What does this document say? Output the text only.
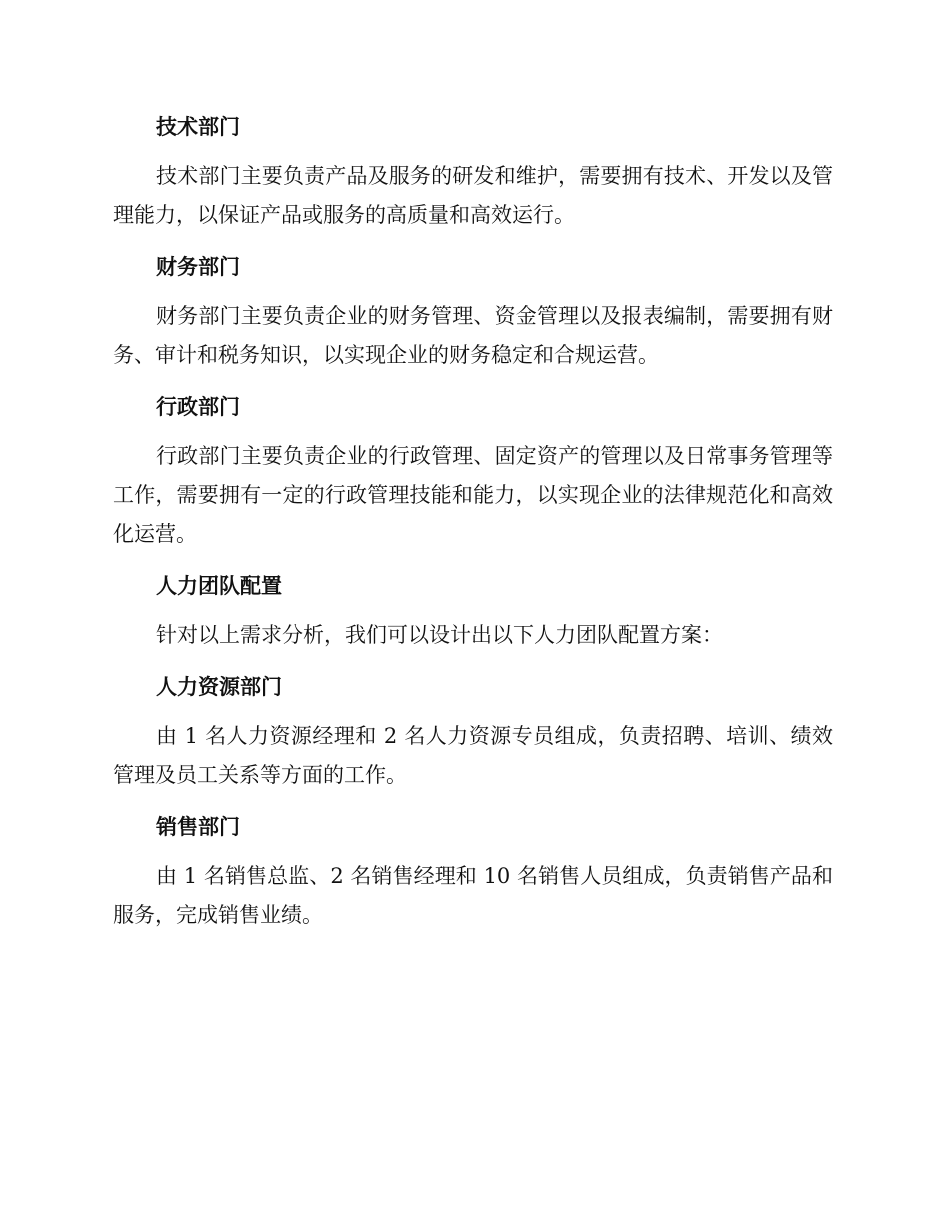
技术部门

技术部门主要负责产品及服务的研发和维护，需要拥有技术、开发以及管理能力，以保证产品或服务的高质量和高效运行。

财务部门

财务部门主要负责企业的财务管理、资金管理以及报表编制，需要拥有财务、审计和税务知识，以实现企业的财务稳定和合规运营。

行政部门

行政部门主要负责企业的行政管理、固定资产的管理以及日常事务管理等工作，需要拥有一定的行政管理技能和能力，以实现企业的法律规范化和高效化运营。

人力团队配置

针对以上需求分析，我们可以设计出以下人力团队配置方案：

人力资源部门

由 1 名人力资源经理和 2 名人力资源专员组成，负责招聘、培训、绩效管理及员工关系等方面的工作。

销售部门

由 1 名销售总监、2 名销售经理和 10 名销售人员组成，负责销售产品和服务，完成销售业绩。
